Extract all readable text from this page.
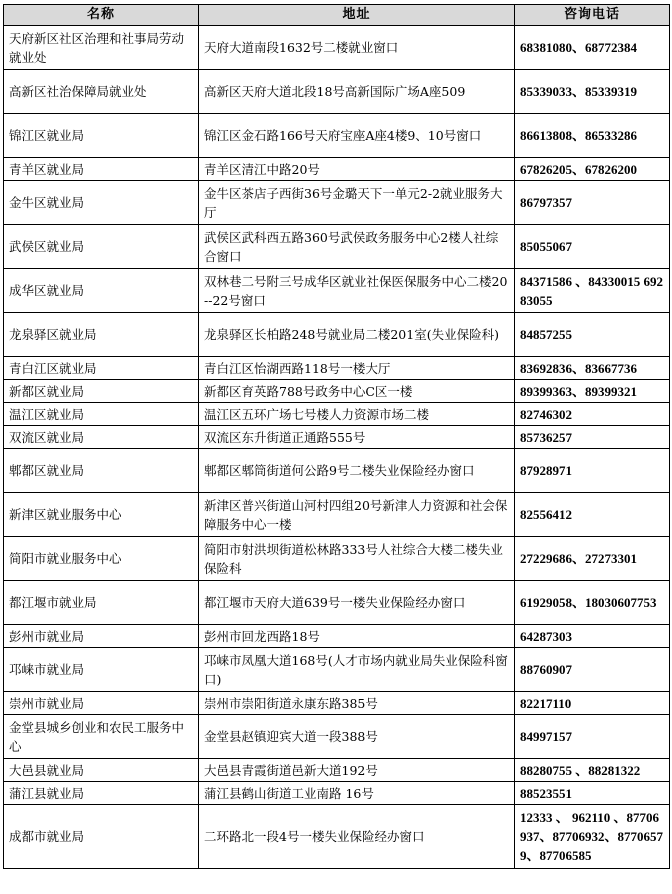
名称	地址	咨询电话
天府新区社区治理和社事局劳动就业处	天府大道南段1632号二楼就业窗口	68381080、68772384
高新区社治保障局就业处	高新区天府大道北段18号高新国际广场A座509	85339033、85339319
锦江区就业局	锦江区金石路166号天府宝座A座4楼9、10号窗口	86613808、86533286
青羊区就业局	青羊区清江中路20号	67826205、67826200
金牛区就业局	金牛区茶店子西街36号金璐天下一单元2-2就业服务大厅	86797357
武侯区就业局	武侯区武科西五路360号武侯政务服务中心2楼人社综合窗口	85055067
成华区就业局	双林巷二号附三号成华区就业社保医保服务中心二楼20--22号窗口	84371586 、84330015 69283055
龙泉驿区就业局	龙泉驿区长柏路248号就业局二楼201室(失业保险科)	84857255
青白江区就业局	青白江区怡湖西路118号一楼大厅	83692836、83667736
新都区就业局	新都区育英路788号政务中心C区一楼	89399363、89399321
温江区就业局	温江区五环广场七号楼人力资源市场二楼	82746302
双流区就业局	双流区东升街道正通路555号	85736257
郫都区就业局	郫都区郫筒街道何公路9号二楼失业保险经办窗口	87928971
新津区就业服务中心	新津区普兴街道山河村四组20号新津人力资源和社会保障服务中心一楼	82556412
简阳市就业服务中心	简阳市射洪坝街道松林路333号人社综合大楼二楼失业保险科	27229686、27273301
都江堰市就业局	都江堰市天府大道639号一楼失业保险经办窗口	61929058、18030607753
彭州市就业局	彭州市回龙西路18号	64287303
邛崃市就业局	邛崃市凤凰大道168号(人才市场内就业局失业保险科窗口)	88760907
崇州市就业局	崇州市崇阳街道永康东路385号	82217110
金堂县城乡创业和农民工服务中心	金堂县赵镇迎宾大道一段388号	84997157
大邑县就业局	大邑县青霞街道邑新大道192号	88280755 、88281322
蒲江县就业局	蒲江县鹤山街道工业南路 16号	88523551
成都市就业局	二环路北一段4号一楼失业保险经办窗口	12333 、 962110 、87706937、87706932、87706579、87706585
